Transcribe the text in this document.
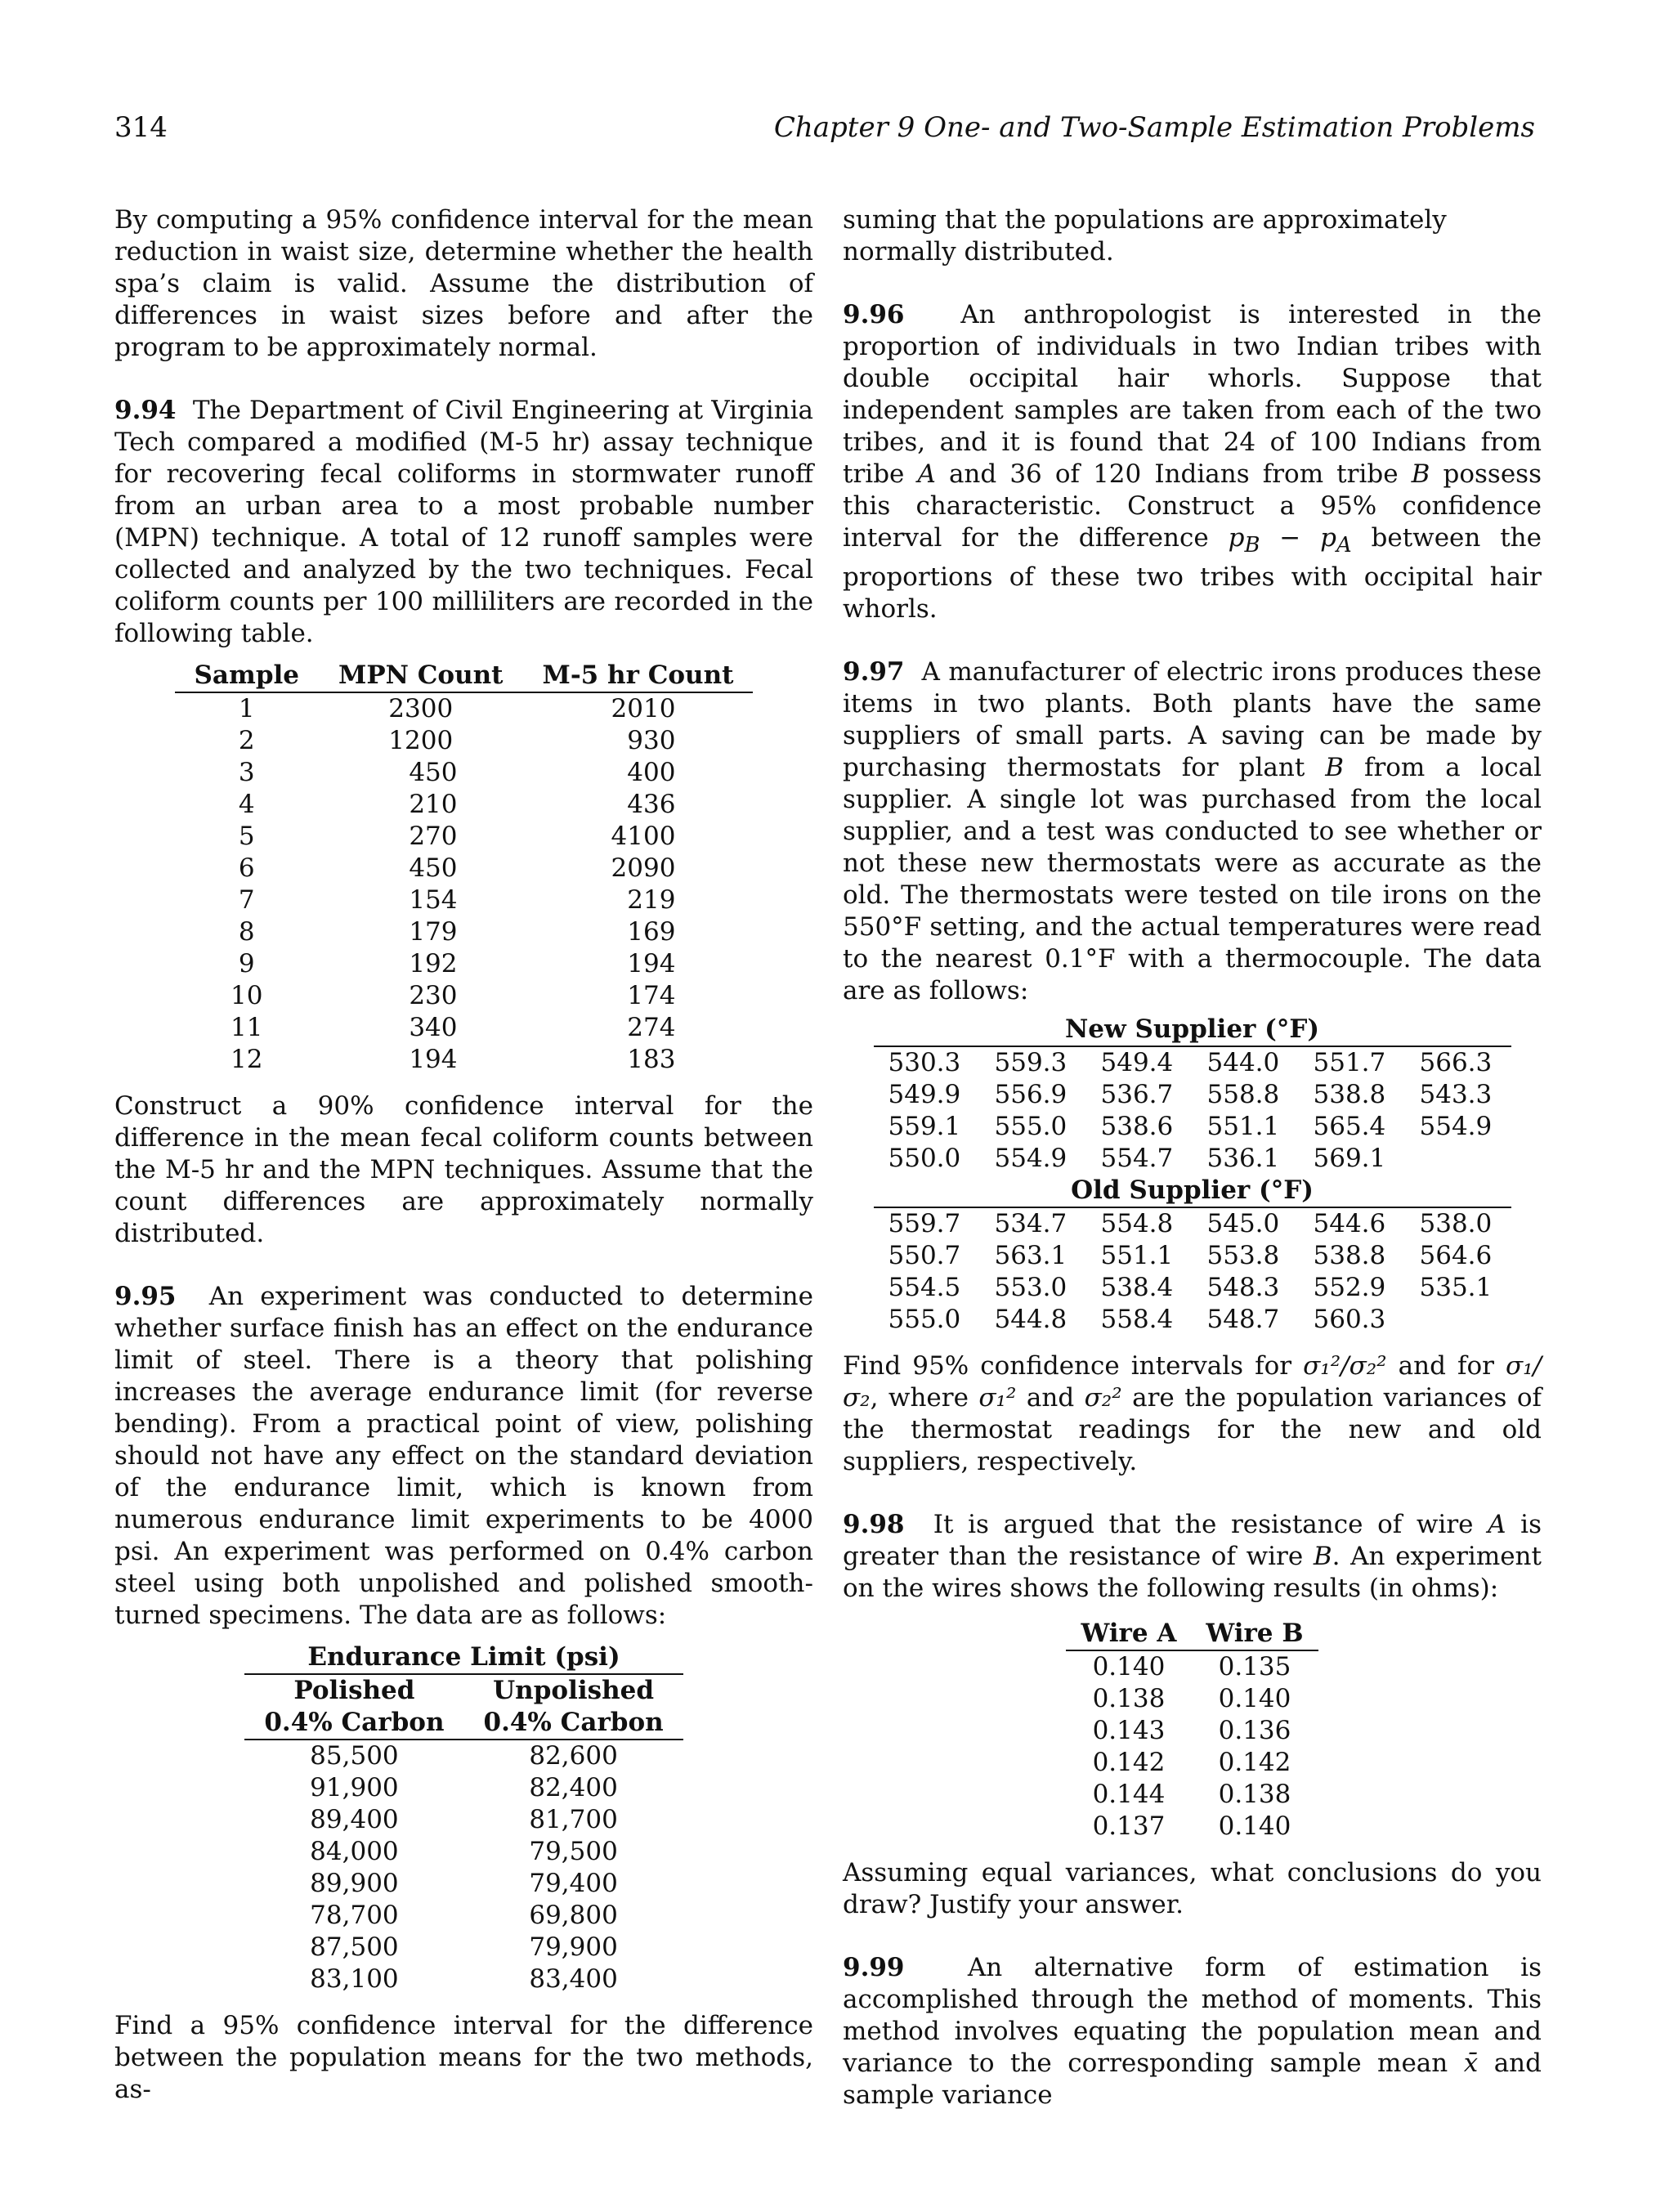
314	Chapter 9 One- and Two-Sample Estimation Problems

By computing a 95% confidence interval for the mean reduction in waist size, determine whether the health spa’s claim is valid. Assume the distribution of differences in waist sizes before and after the program to be approximately normal.

9.94 The Department of Civil Engineering at Virginia Tech compared a modified (M-5 hr) assay technique for recovering fecal coliforms in stormwater runoff from an urban area to a most probable number (MPN) technique. A total of 12 runoff samples were collected and analyzed by the two techniques. Fecal coliform counts per 100 milliliters are recorded in the following table.

Sample	MPN Count	M-5 hr Count
1	2300	2010
2	1200	930
3	450	400
4	210	436
5	270	4100
6	450	2090
7	154	219
8	179	169
9	192	194
10	230	174
11	340	274
12	194	183

Construct a 90% confidence interval for the difference in the mean fecal coliform counts between the M-5 hr and the MPN techniques. Assume that the count differences are approximately normally distributed.

9.95 An experiment was conducted to determine whether surface finish has an effect on the endurance limit of steel. There is a theory that polishing increases the average endurance limit (for reverse bending). From a practical point of view, polishing should not have any effect on the standard deviation of the endurance limit, which is known from numerous endurance limit experiments to be 4000 psi. An experiment was performed on 0.4% carbon steel using both unpolished and polished smooth-turned specimens. The data are as follows:

Endurance Limit (psi)	
Polished	Unpolished
0.4% Carbon	0.4% Carbon
85,500	82,600
91,900	82,400
89,400	81,700
84,000	79,500
89,900	79,400
78,700	69,800
87,500	79,900
83,100	83,400

Find a 95% confidence interval for the difference between the population means for the two methods, as-

suming that the populations are approximately normally distributed.

9.96 An anthropologist is interested in the proportion of individuals in two Indian tribes with double occipital hair whorls. Suppose that independent samples are taken from each of the two tribes, and it is found that 24 of 100 Indians from tribe A and 36 of 120 Indians from tribe B possess this characteristic. Construct a 95% confidence interval for the difference $p_B - p_A$ between the proportions of these two tribes with occipital hair whorls.

9.97 A manufacturer of electric irons produces these items in two plants. Both plants have the same suppliers of small parts. A saving can be made by purchasing thermostats for plant B from a local supplier. A single lot was purchased from the local supplier, and a test was conducted to see whether or not these new thermostats were as accurate as the old. The thermostats were tested on tile irons on the 550°F setting, and the actual temperatures were read to the nearest 0.1°F with a thermocouple. The data are as follows:

New Supplier (°F)					
530.3	559.3	549.4	544.0	551.7	566.3
549.9	556.9	536.7	558.8	538.8	543.3
559.1	555.0	538.6	551.1	565.4	554.9
550.0	554.9	554.7	536.1	569.1	
Old Supplier (°F)					
559.7	534.7	554.8	545.0	544.6	538.0
550.7	563.1	551.1	553.8	538.8	564.6
554.5	553.0	538.4	548.3	552.9	535.1
555.0	544.8	558.4	548.7	560.3	

Find 95% confidence intervals for σ₁²/σ₂² and for σ₁/σ₂, where σ₁² and σ₂² are the population variances of the thermostat readings for the new and old suppliers, respectively.

9.98 It is argued that the resistance of wire A is greater than the resistance of wire B. An experiment on the wires shows the following results (in ohms):

Wire A	Wire B
0.140	0.135
0.138	0.140
0.143	0.136
0.142	0.142
0.144	0.138
0.137	0.140

Assuming equal variances, what conclusions do you draw? Justify your answer.

9.99 An alternative form of estimation is accomplished through the method of moments. This method involves equating the population mean and variance to the corresponding sample mean x̄ and sample variance
